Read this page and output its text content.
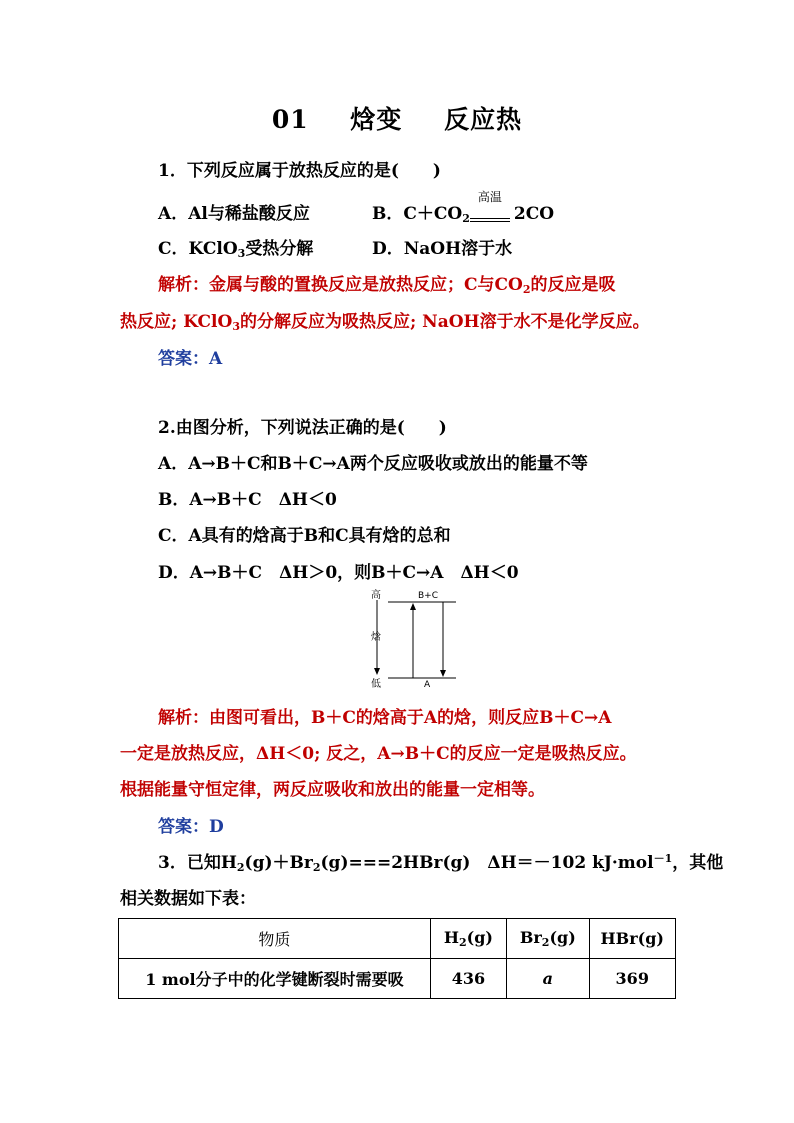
01 焓变 反应热
1．下列反应属于放热反应的是(　　)
A．Al与稀盐酸反应	B．$C+CO_2$
高温

2CO
C．KClO$_3$受热分解	D．NaOH溶于水
解析：金属与酸的置换反应是放热反应；C与$CO_2$的反应是吸
热反应; KClO$_3$的分解反应为吸热反应; NaOH溶于水不是化学反应。
答案：A
2.由图分析，下列说法正确的是(　　)
A．A→B＋C和B＋C→A两个反应吸收或放出的能量不等
B．A→B＋C　ΔH＜0
C．A具有的焓高于B和C具有焓的总和
D．A→B＋C　ΔH＞0，则B＋C→A　ΔH＜0
高
焓
低
B+C
A
解析：由图可看出，B＋C的焓高于A的焓，则反应B＋C→A
一定是放热反应，ΔH＜0; 反之，A→B＋C的反应一定是吸热反应。
根据能量守恒定律，两反应吸收和放出的能量一定相等。
答案：D
3．已知$H_2(g)+Br_2(g)===2HBr(g)$　ΔH＝－102 kJ·mol$^{-1}$，其他
相关数据如下表：
物质	$H_2(g)$	$Br_2(g)$	HBr(g)
1 mol分子中的化学键断裂时需要吸	436	a	369
